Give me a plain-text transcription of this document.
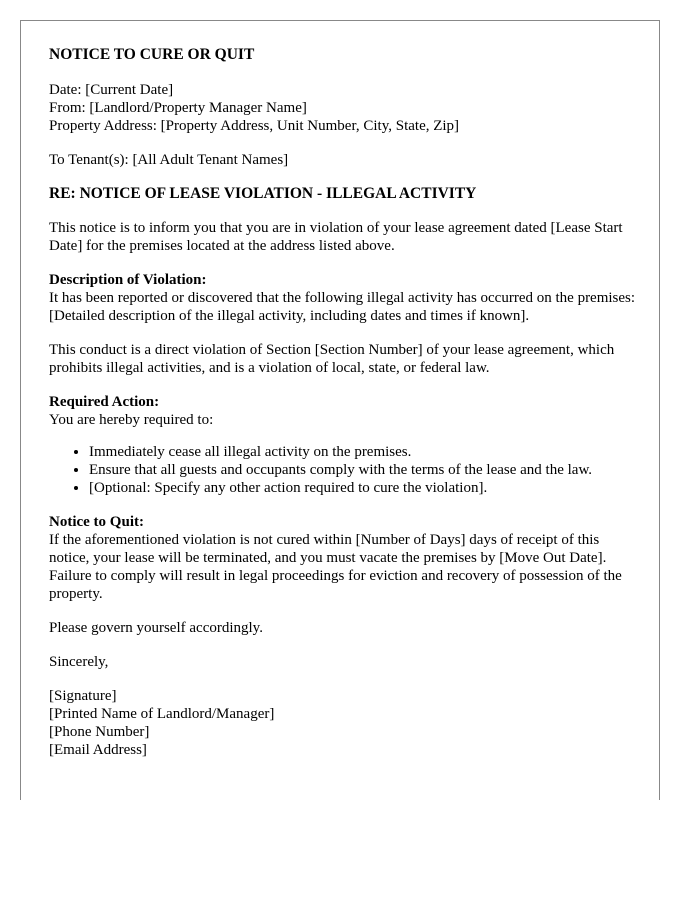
NOTICE TO CURE OR QUIT

Date: [Current Date]
From: [Landlord/Property Manager Name]
Property Address: [Property Address, Unit Number, City, State, Zip]

To Tenant(s): [All Adult Tenant Names]

RE: NOTICE OF LEASE VIOLATION - ILLEGAL ACTIVITY

This notice is to inform you that you are in violation of your lease agreement dated [Lease Start Date] for the premises located at the address listed above.

Description of Violation:
It has been reported or discovered that the following illegal activity has occurred on the premises:
[Detailed description of the illegal activity, including dates and times if known].

This conduct is a direct violation of Section [Section Number] of your lease agreement, which prohibits illegal activities, and is a violation of local, state, or federal law.

Required Action:
You are hereby required to:

• Immediately cease all illegal activity on the premises.
• Ensure that all guests and occupants comply with the terms of the lease and the law.
• [Optional: Specify any other action required to cure the violation].

Notice to Quit:
If the aforementioned violation is not cured within [Number of Days] days of receipt of this notice, your lease will be terminated, and you must vacate the premises by [Move Out Date]. Failure to comply will result in legal proceedings for eviction and recovery of possession of the property.

Please govern yourself accordingly.

Sincerely,

[Signature]
[Printed Name of Landlord/Manager]
[Phone Number]
[Email Address]
